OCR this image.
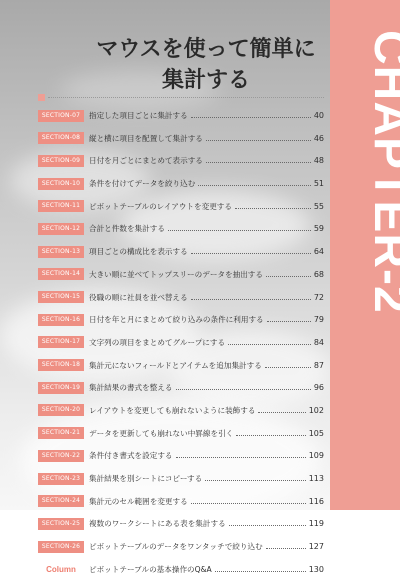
CHAPTER-2
マウスを使って簡単に
集計する
SECTION-07	指定した項目ごとに集計する	40
SECTION-08	縦と横に項目を配置して集計する	46
SECTION-09	日付を月ごとにまとめて表示する	48
SECTION-10	条件を付けてデータを絞り込む	51
SECTION-11	ピボットテーブルのレイアウトを変更する	55
SECTION-12	合計と件数を集計する	59
SECTION-13	項目ごとの構成比を表示する	64
SECTION-14	大きい順に並べてトップスリーのデータを抽出する	68
SECTION-15	役職の順に社員を並べ替える	72
SECTION-16	日付を年と月にまとめて絞り込みの条件に利用する	79
SECTION-17	文字列の項目をまとめてグループにする	84
SECTION-18	集計元にないフィールドとアイテムを追加集計する	87
SECTION-19	集計結果の書式を整える	96
SECTION-20	レイアウトを変更しても崩れないように装飾する	102
SECTION-21	データを更新しても崩れない中罫線を引く	105
SECTION-22	条件付き書式を設定する	109
SECTION-23	集計結果を別シートにコピーする	113
SECTION-24	集計元のセル範囲を変更する	116
SECTION-25	複数のワークシートにある表を集計する	119
SECTION-26	ピボットテーブルのデータをワンタッチで絞り込む	127
Column	ピボットテーブルの基本操作のQ&A	130
